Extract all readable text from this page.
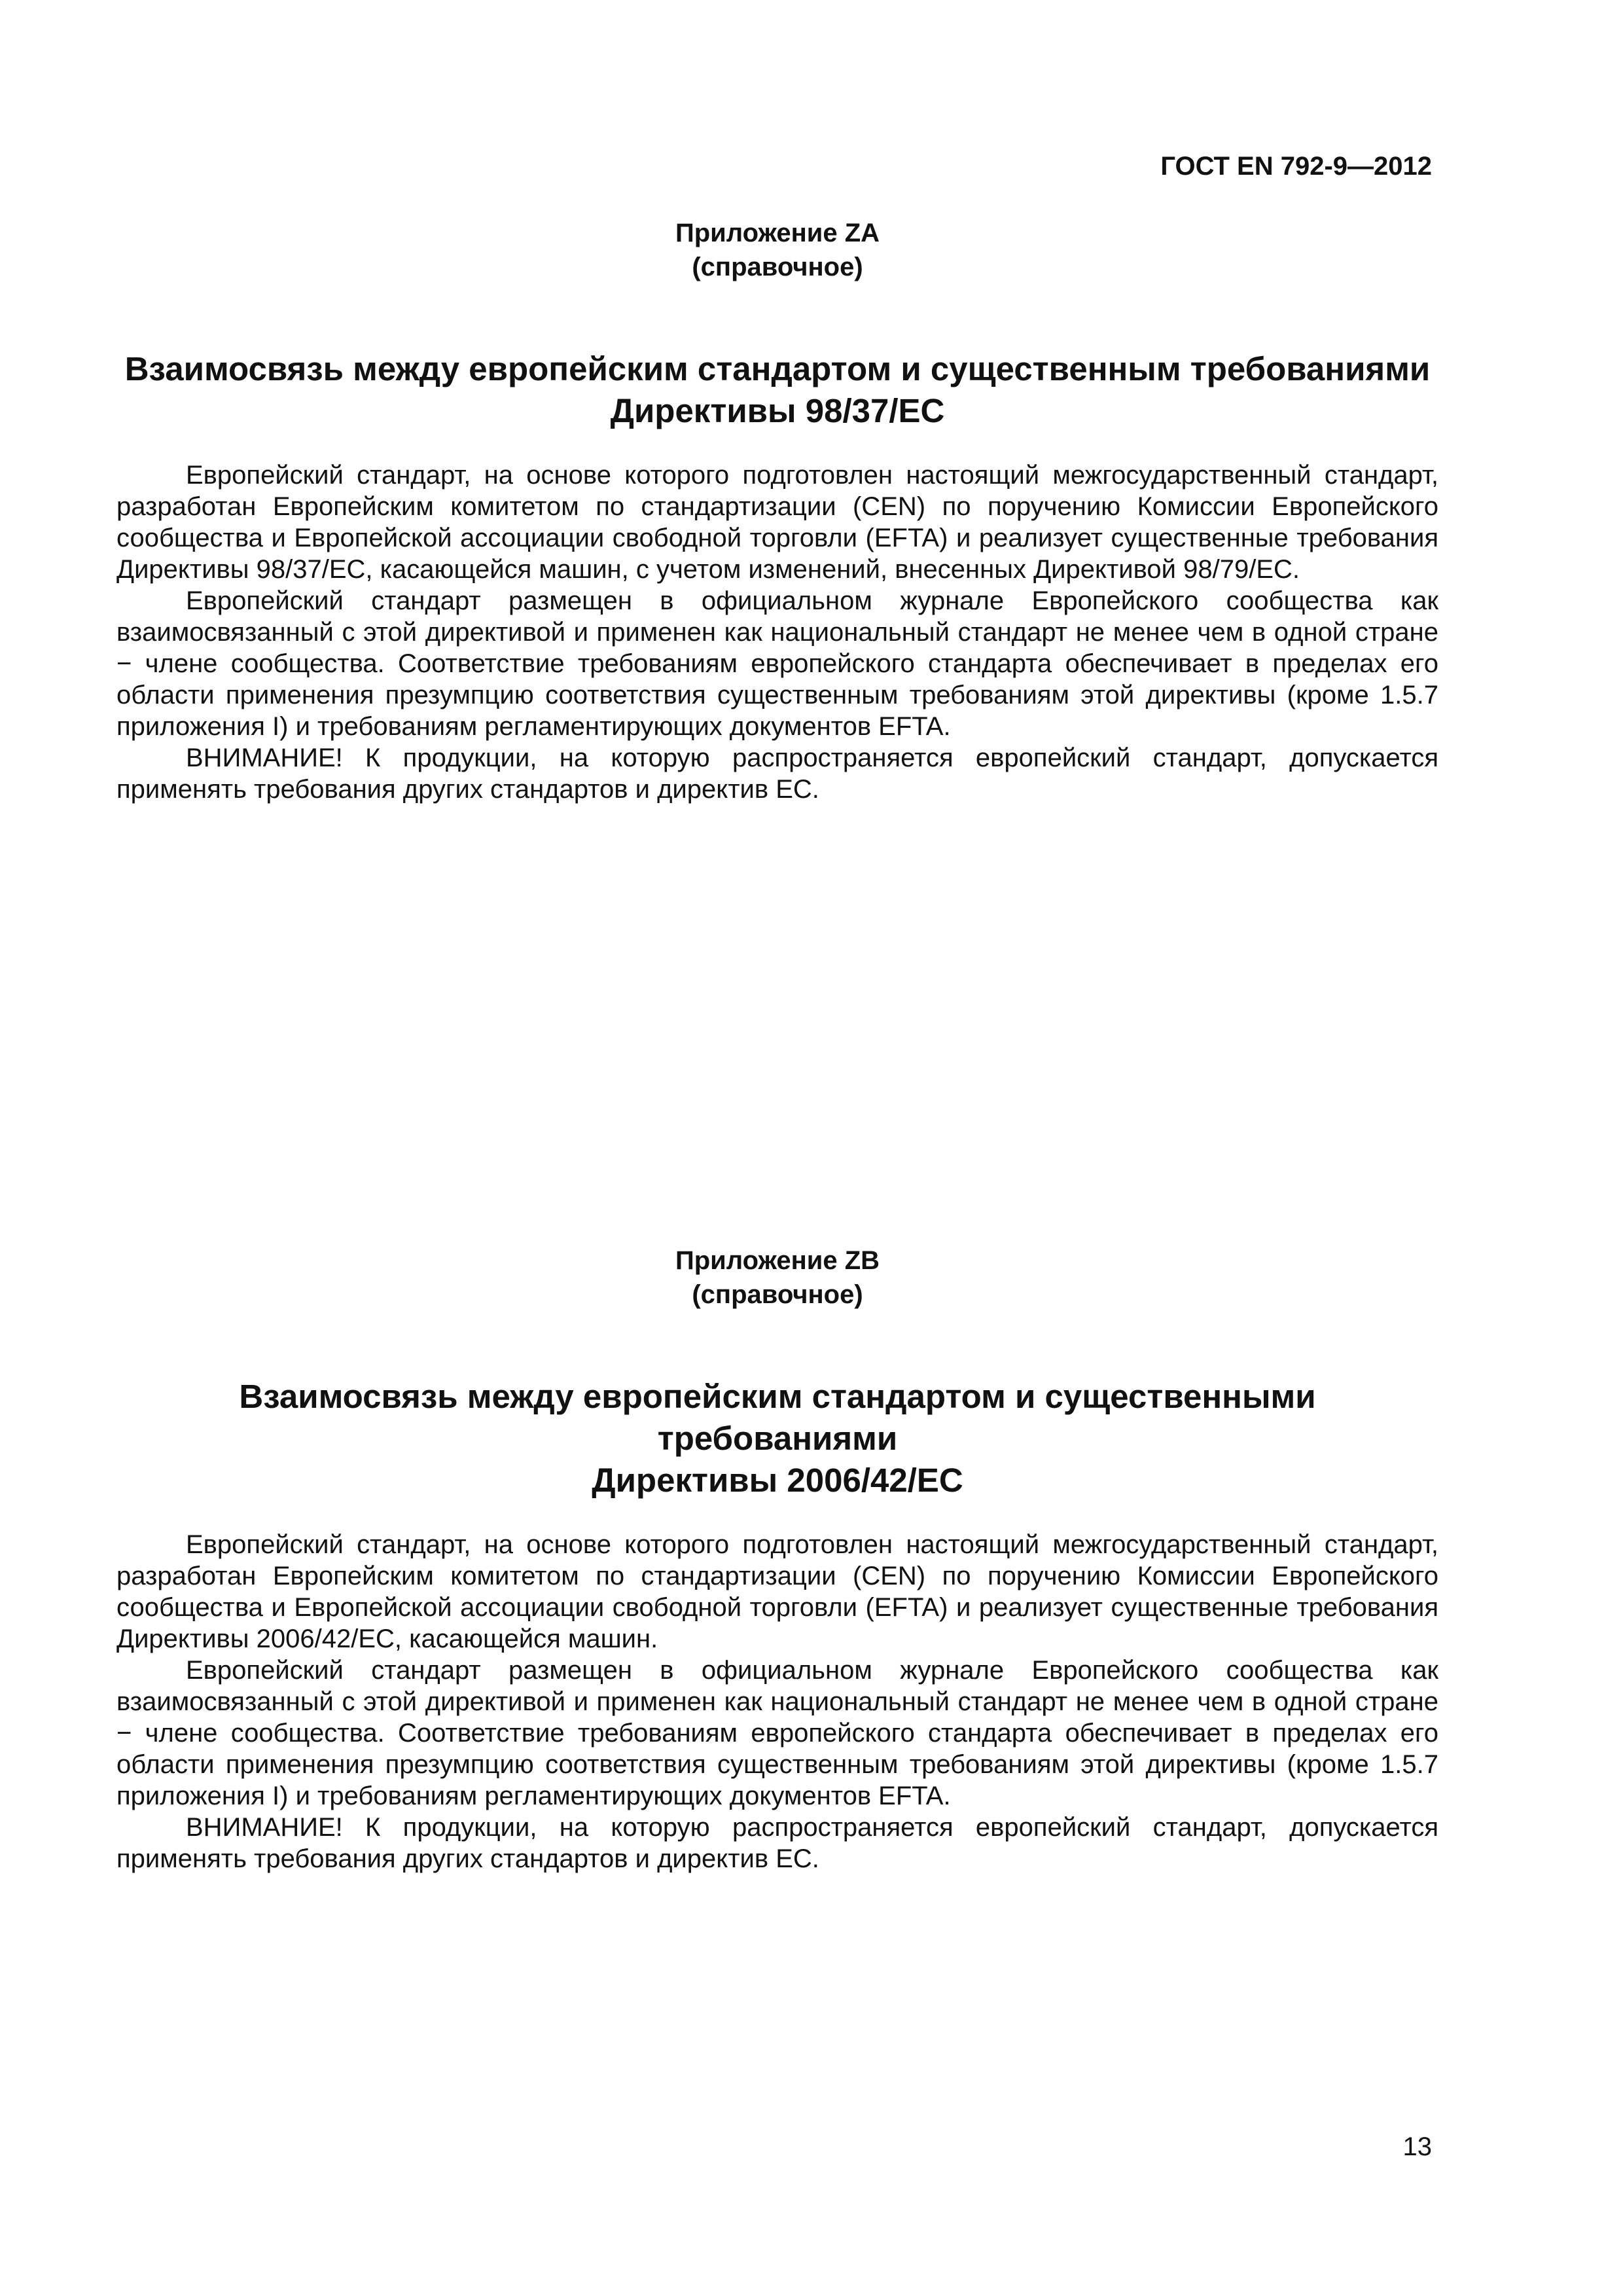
ГОСТ EN 792-9—2012

Приложение ZA

(справочное)

Взаимосвязь между европейским стандартом и существенным требованиями
Директивы 98/37/ЕС

Европейский стандарт, на основе которого подготовлен настоящий межгосударственный стандарт, разработан Европейским комитетом по стандартизации (CEN) по поручению Комиссии Европейского сообщества и Европейской ассоциации свободной торговли (EFTA) и реализует существенные требования Директивы 98/37/ЕС, касающейся машин, с учетом изменений, внесенных Директивой 98/79/ЕС.

Европейский стандарт размещен в официальном журнале Европейского сообщества как взаимосвязанный с этой директивой и применен как национальный стандарт не менее чем в одной стране − члене сообщества. Соответствие требованиям европейского стандарта обеспечивает в пределах его области применения презумпцию соответствия существенным требованиям этой директивы (кроме 1.5.7 приложения I) и требованиям регламентирующих документов EFTA.

ВНИМАНИЕ! К продукции, на которую распространяется европейский стандарт, допускается применять требования других стандартов и директив ЕС.

Приложение ZB

(справочное)

Взаимосвязь между европейским стандартом и существенными требованиями
Директивы 2006/42/ЕС

Европейский стандарт, на основе которого подготовлен настоящий межгосударственный стандарт, разработан Европейским комитетом по стандартизации (CEN) по поручению Комиссии Европейского сообщества и Европейской ассоциации свободной торговли (EFTA) и реализует существенные требования Директивы 2006/42/ЕС, касающейся машин.

Европейский стандарт размещен в официальном журнале Европейского сообщества как взаимосвязанный с этой директивой и применен как национальный стандарт не менее чем в одной стране − члене сообщества. Соответствие требованиям европейского стандарта обеспечивает в пределах его области применения презумпцию соответствия существенным требованиям этой директивы (кроме 1.5.7 приложения I) и требованиям регламентирующих документов EFTA.

ВНИМАНИЕ! К продукции, на которую распространяется европейский стандарт, допускается применять требования других стандартов и директив ЕС.

13
